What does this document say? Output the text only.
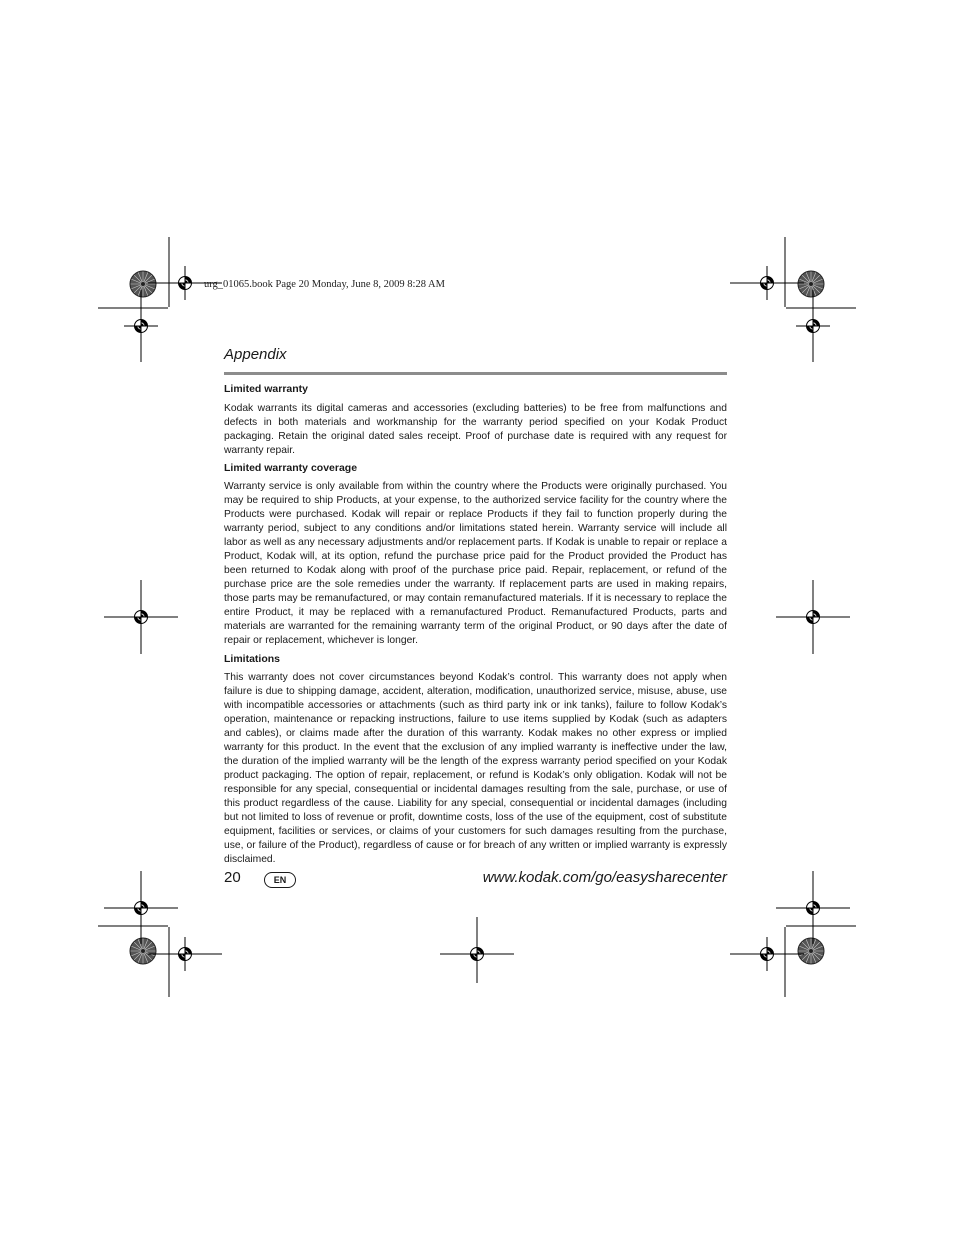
urg_01065.book Page 20 Monday, June 8, 2009 8:28 AM
Appendix
Limited warranty

Kodak warrants its digital cameras and accessories (excluding batteries) to be free from malfunctions and defects in both materials and workmanship for the warranty period specified on your Kodak Product packaging. Retain the original dated sales receipt. Proof of purchase date is required with any request for warranty repair.

Limited warranty coverage

Warranty service is only available from within the country where the Products were originally purchased. You may be required to ship Products, at your expense, to the authorized service facility for the country where the Products were purchased. Kodak will repair or replace Products if they fail to function properly during the warranty period, subject to any conditions and/or limitations stated herein. Warranty service will include all labor as well as any necessary adjustments and/or replacement parts. If Kodak is unable to repair or replace a Product, Kodak will, at its option, refund the purchase price paid for the Product provided the Product has been returned to Kodak along with proof of the purchase price paid. Repair, replacement, or refund of the purchase price are the sole remedies under the warranty. If replacement parts are used in making repairs, those parts may be remanufactured, or may contain remanufactured materials. If it is necessary to replace the entire Product, it may be replaced with a remanufactured Product. Remanufactured Products, parts and materials are warranted for the remaining warranty term of the original Product, or 90 days after the date of repair or replacement, whichever is longer.

Limitations

This warranty does not cover circumstances beyond Kodak’s control. This warranty does not apply when failure is due to shipping damage, accident, alteration, modification, unauthorized service, misuse, abuse, use with incompatible accessories or attachments (such as third party ink or ink tanks), failure to follow Kodak’s operation, maintenance or repacking instructions, failure to use items supplied by Kodak (such as adapters and cables), or claims made after the duration of this warranty. Kodak makes no other express or implied warranty for this product. In the event that the exclusion of any implied warranty is ineffective under the law, the duration of the implied warranty will be the length of the express warranty period specified on your Kodak product packaging. The option of repair, replacement, or refund is Kodak’s only obligation. Kodak will not be responsible for any special, consequential or incidental damages resulting from the sale, purchase, or use of this product regardless of the cause. Liability for any special, consequential or incidental damages (including but not limited to loss of revenue or profit, downtime costs, loss of the use of the equipment, cost of substitute equipment, facilities or services, or claims of your customers for such damages resulting from the purchase, use, or failure of the Product), regardless of cause or for breach of any written or implied warranty is expressly disclaimed.

20	EN	www.kodak.com/go/easysharecenter
